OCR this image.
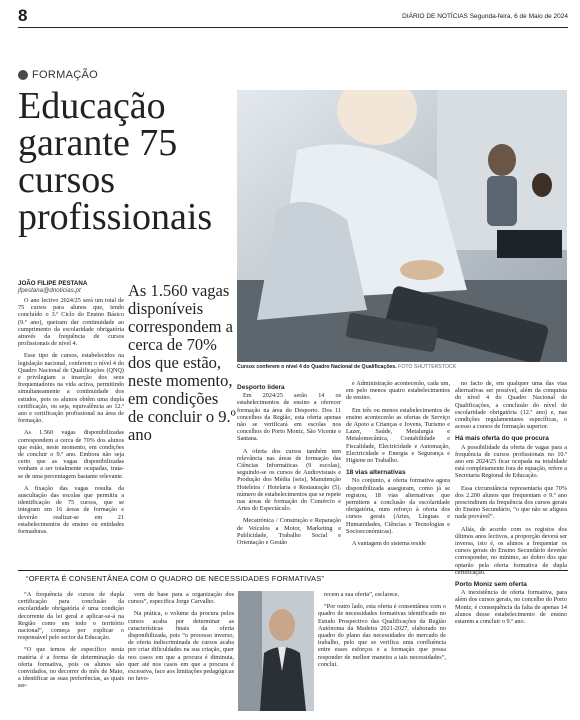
8	DIÁRIO DE NOTÍCIAS Segunda-feira, 6 de Maio de 2024
FORMAÇÃO
Educação garante 75 cursos profissionais
Cursos conferem o nível 4 do Quadro Nacional de Qualificações. FOTO SHUTTERSTOCK
JOÃO FILIPE PESTANA
jfpestana@dnoticias.pt

O ano lectivo 2024/25 será um total de 75 cursos para alunos que, tendo concluído o 3.º Ciclo do Ensino Básico (9.º ano), queiram dar continuidade ao cumprimento da escolaridade obrigatória através da frequência de cursos profissionais de nível 4.

Esse tipo de cursos, estabelecidos na legislação nacional, conferem o nível 4 do Quadro Nacional de Qualificações (QNQ) e privilegiam a inserção dos seus frequentadores na vida activa, permitindo simultaneamente a continuidade dos estudos, pois os alunos obtêm uma dupla certificação, ou seja, equivalência ao 12.º ano e certificação profissional na área de formação.

As 1.560 vagas disponibilizadas correspondem a cerca de 70% dos alunos que estão, neste momento, em condições de concluir o 9.º ano. Embora não seja certo que as vagas disponibilizadas venham a ser totalmente ocupadas, trata-se de uma percentagem bastante relevante.

A fixação das vagas resulta da auscultação das escolas que permitiu a identificação de 75 cursos, que se integram em 16 áreas de formação e deverão realizar-se em 21 estabelecimentos de ensino ou entidades formadoras.

As 1.560 vagas disponíveis correspondem a cerca de 70% dos que estão, neste momento, em condições de concluir o 9.º ano
Desporto lidera

Em 2024/25 serão 14 os estabelecimentos de ensino a oferecer formação na área do Desporto. Dos 11 concelhos da Região, esta oferta apenas não se verificará em escolas nos concelhos do Porto Moniz, São Vicente e Santana.

A oferta dos cursos também tem relevância nas áreas de formação das Ciências Informáticas (9 escolas), seguindo-se os cursos de Audiovisuais e Produção dos Média (seis), Manutenção Hoteleira / Hotelaria e Restauração (5), número de estabelecimentos que se repete nas áreas de formação do Comércio e Artes do Espectáculo.

Mecatrónica / Construção e Reparação de Veículos a Motor, Marketing e Publicidade, Trabalho Social e Orientação e Gestão

e Administração acontecerão, cada um, em pelo menos quatro estabelecimentos de ensino.

Em três ou menos estabelecimentos de ensino acontecerão as ofertas de Serviço de Apoio a Crianças e Jovens, Turismo e Lazer, Saúde, Metalurgia e Metalomecânica, Contabilidade e Fiscalidade, Electricidade e Automação, Electricidade e Energia e Segurança e Higiene no Trabalho.

18 vias alternativas

No conjunto, a oferta formativa agora disponibilizada asseguram, como já se registou, 18 vias alternativas que permitem a conclusão da escolaridade obrigatória, num reforço à oferta dos cursos gerais (Artes, Línguas e Humanidades, Ciências e Tecnologias e Socioeconómicas).

A vantagem do sistema reside

no facto de, em qualquer uma das vias alternativas ser possível, além da conquista do nível 4 do Quadro Nacional de Qualificações, a conclusão do nível de escolaridade obrigatória (12.º ano) e, nas condições regulamentares específicas, o acesso a cursos de formação superior.

Há mais oferta do que procura

A possibilidade da oferta de vagas para a frequência de cursos profissionais no 10.º ano em 2024/25 ficar ocupada na totalidade está completamente fora de equação, refere a Secretaria Regional de Educação.

Essa circunstância representaria que 70% dos 2.200 alunos que frequentam o 9.º ano prescindiram da frequência dos cursos gerais do Ensino Secundário, “o que não se afigura nada provável”.

Aliás, de acordo com os registos dos últimos anos lectivos, a proporção deverá ser inversa, isto é, os alunos a frequentar os cursos gerais do Ensino Secundário deverão corresponder, no mínimo, ao dobro dos que optarão pela oferta formativa de dupla certificação.

Porto Moniz sem oferta

A inexistência de oferta formativa, para além dos cursos gerais, no concelho do Porto Moniz, é consequência da falta de apenas 14 alunos desse estabelecimento de ensino estarem a concluir o 9.º ano.

“OFERTA É CONSENTÂNEA COM O QUADRO DE NECESSIDADES FORMATIVAS”

“A frequência de cursos de dupla certificação para conclusão da escolaridade obrigatória é uma condição decorrente da lei geral e aplicar-se-á na Região como em todo o território nacional”, começa por explicar o responsável pelo sector da Educação.

“O que temos de específico nesta matéria é a forma de determinação da oferta formativa, pois os alunos são convidados, no decorrer do mês de Maio, a identificar as suas preferências, as quais ser-

vem de base para a organização dos cursos”, especifica Jorge Carvalho.

Na prática, o volume da procura pelos cursos acaba por determinar as características finais da oferta disponibilizada, pois “o processo inverso, de oferta indiscriminada de cursos acaba por criar dificuldades na sua criação, quer nos casos em que a procura é diminuta, quer até nos casos em que a procura é excessiva, face aos limitações pedagógicas no favo-

recem a sua oferta”, esclarece.

“Por outro lado, esta oferta é consentânea com o quadro de necessidades formativas identificado no Estudo Prospectivo das Qualificações da Região Autónoma da Madeira 2021-2027, elaborado no quadro do plano das necessidades do mercado de trabalho, pelo que se verifica uma confluência entre esses esforços e a formação que possa responder de melhor maneira a tais necessidades”, conclui.
